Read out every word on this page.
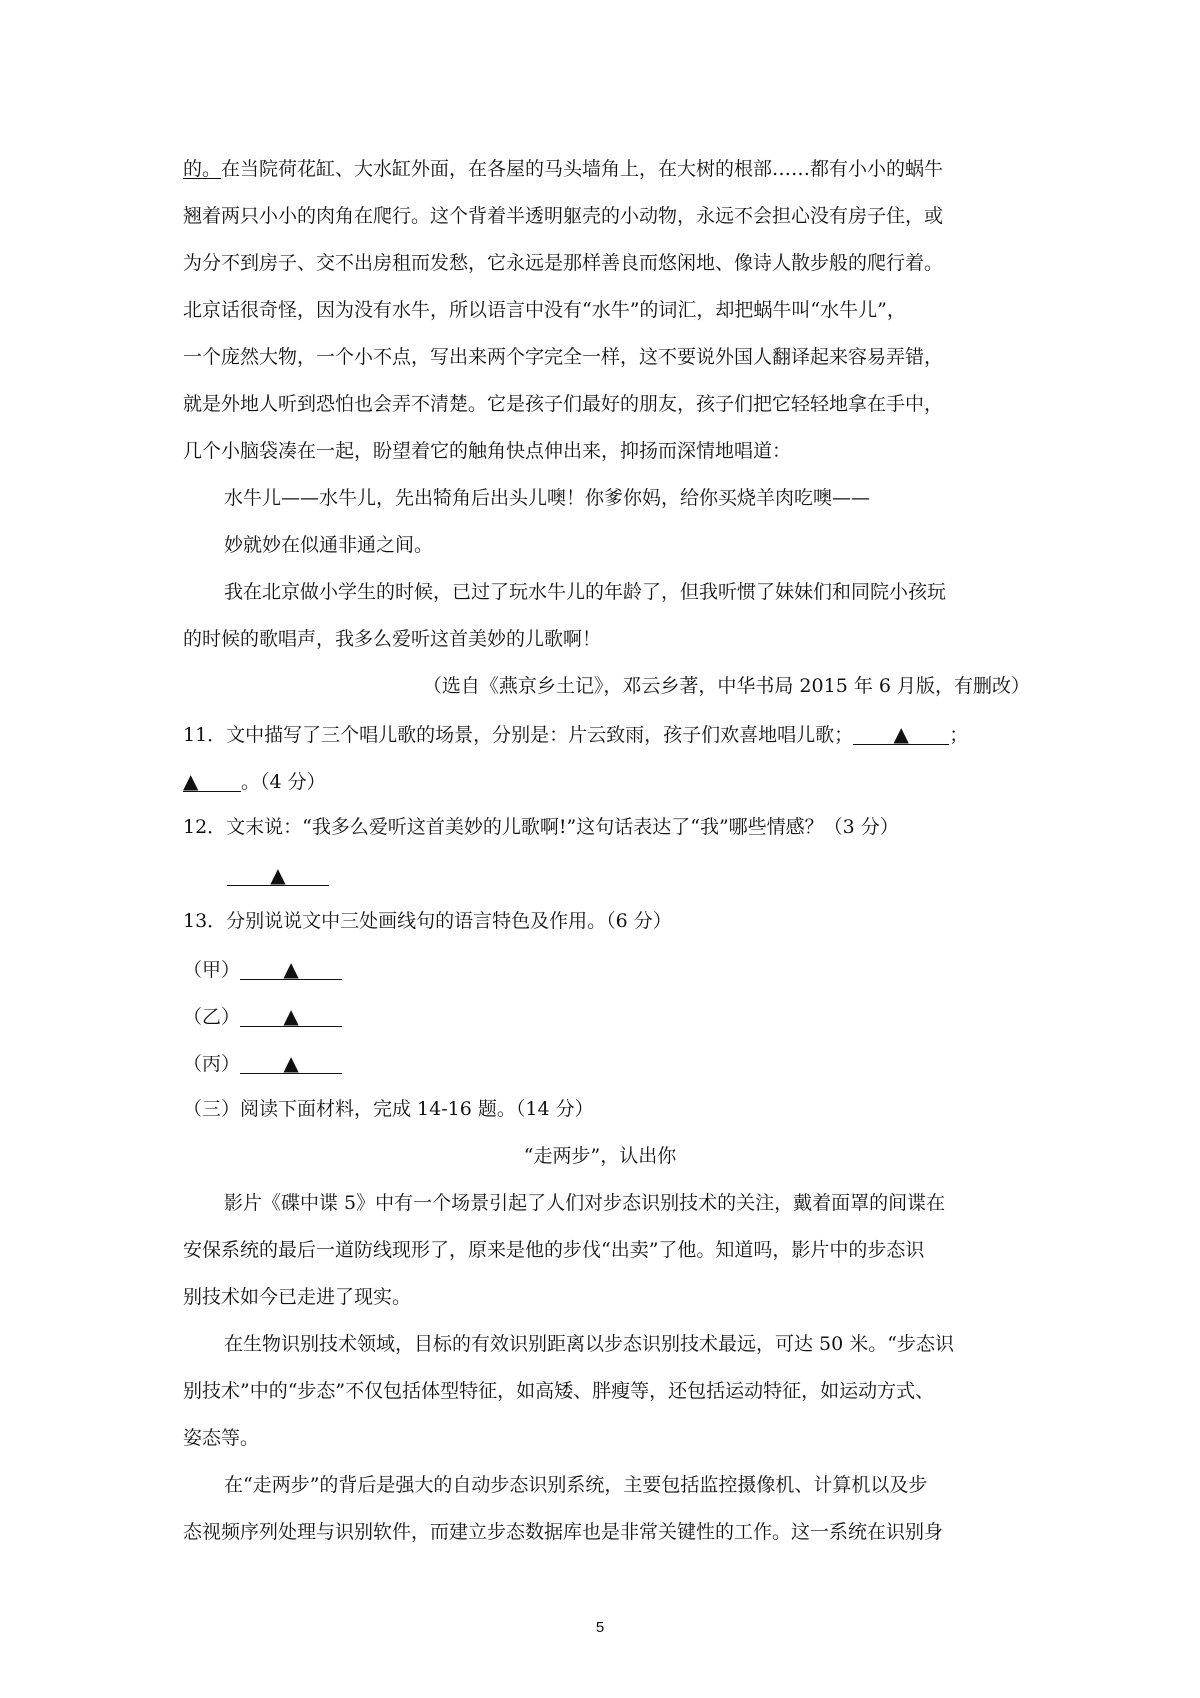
的。在当院荷花缸、大水缸外面，在各屋的马头墙角上，在大树的根部……都有小小的蜗牛
翘着两只小小的肉角在爬行。这个背着半透明躯壳的小动物，永远不会担心没有房子住，或
为分不到房子、交不出房租而发愁，它永远是那样善良而悠闲地、像诗人散步般的爬行着。
北京话很奇怪，因为没有水牛，所以语言中没有“水牛”的词汇，却把蜗牛叫“水牛儿”，
一个庞然大物，一个小不点，写出来两个字完全一样，这不要说外国人翻译起来容易弄错，
就是外地人听到恐怕也会弄不清楚。它是孩子们最好的朋友，孩子们把它轻轻地拿在手中，
几个小脑袋凑在一起，盼望着它的触角快点伸出来，抑扬而深情地唱道：
水牛儿——水牛儿，先出犄角后出头儿噢！你爹你妈，给你买烧羊肉吃噢——
妙就妙在似通非通之间。
我在北京做小学生的时候，已过了玩水牛儿的年龄了，但我听惯了妹妹们和同院小孩玩
的时候的歌唱声，我多么爱听这首美妙的儿歌啊！
（选自《燕京乡土记》，邓云乡著，中华书局 2015 年 6 月版，有删改）
11．文中描写了三个唱儿歌的场景，分别是：片云致雨，孩子们欢喜地唱儿歌； ▲ ；
▲ 。（4 分）
12．文末说：“我多么爱听这首美妙的儿歌啊!”这句话表达了“我”哪些情感？（3 分）
▲
13．分别说说文中三处画线句的语言特色及作用。（6 分）
（甲） ▲
（乙） ▲
（丙） ▲
（三）阅读下面材料，完成 14-16 题。（14 分）
“走两步”，认出你
影片《碟中谍 5》中有一个场景引起了人们对步态识别技术的关注，戴着面罩的间谍在
安保系统的最后一道防线现形了，原来是他的步伐“出卖”了他。知道吗，影片中的步态识
别技术如今已走进了现实。
在生物识别技术领域，目标的有效识别距离以步态识别技术最远，可达 50 米。“步态识
别技术”中的“步态”不仅包括体型特征，如高矮、胖瘦等，还包括运动特征，如运动方式、
姿态等。
在“走两步”的背后是强大的自动步态识别系统，主要包括监控摄像机、计算机以及步
态视频序列处理与识别软件，而建立步态数据库也是非常关键性的工作。这一系统在识别身
5
